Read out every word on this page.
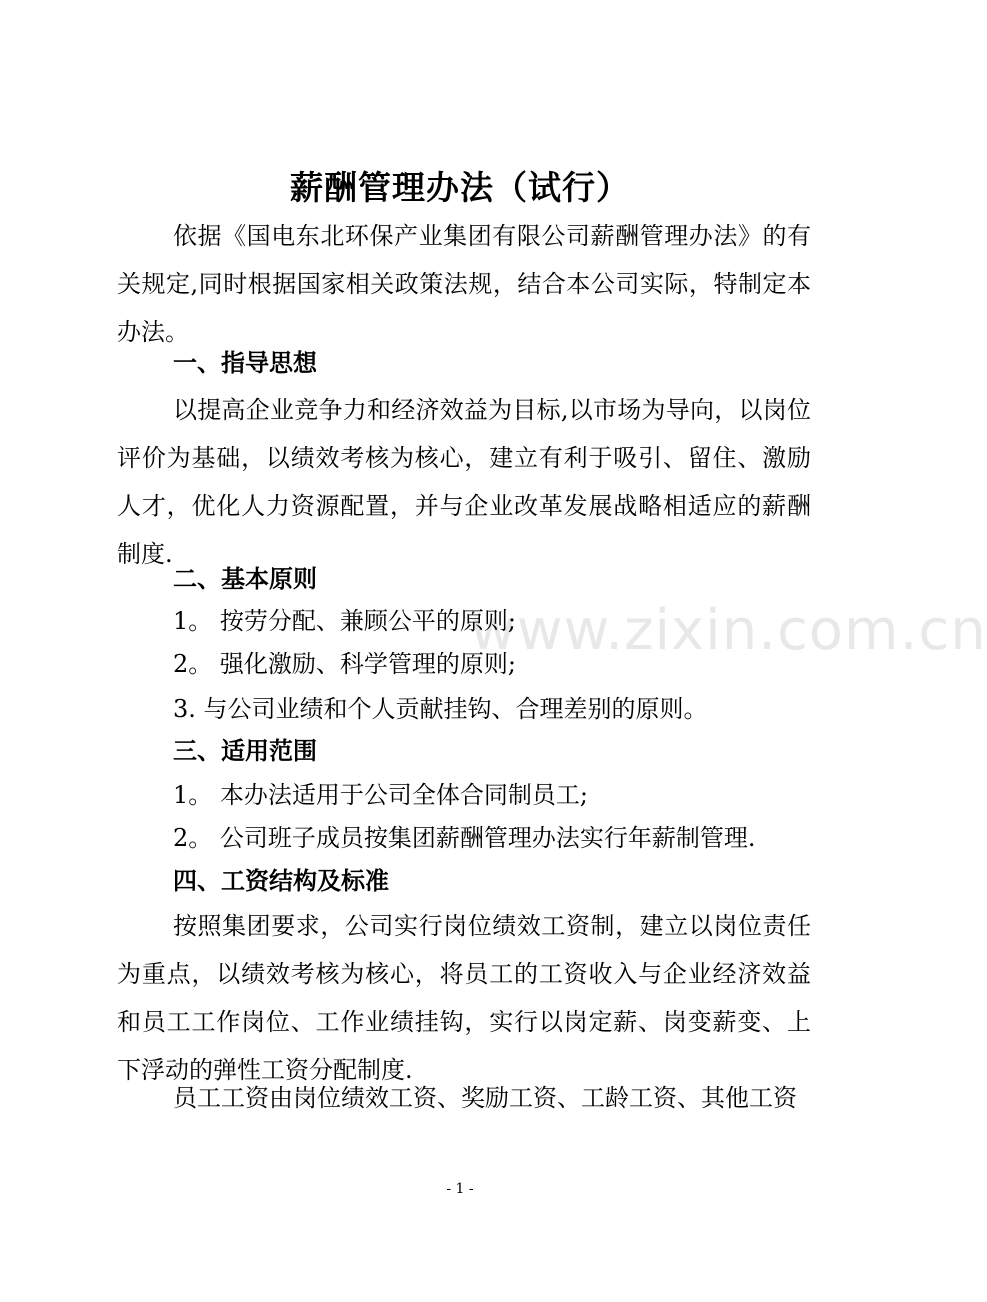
薪酬管理办法（试行）
依据《国电东北环保产业集团有限公司薪酬管理办法》的有关规定,同时根据国家相关政策法规，结合本公司实际，特制定本办法。
一、指导思想
以提高企业竞争力和经济效益为目标,以市场为导向，以岗位评价为基础，以绩效考核为核心，建立有利于吸引、留住、激励人才，优化人力资源配置，并与企业改革发展战略相适应的薪酬制度.
二、基本原则
1。 按劳分配、兼顾公平的原则;
2。 强化激励、科学管理的原则;
3. 与公司业绩和个人贡献挂钩、合理差别的原则。
三、适用范围
1。 本办法适用于公司全体合同制员工;
2。 公司班子成员按集团薪酬管理办法实行年薪制管理.
四、工资结构及标准
按照集团要求，公司实行岗位绩效工资制，建立以岗位责任为重点，以绩效考核为核心，将员工的工资收入与企业经济效益和员工工作岗位、工作业绩挂钩，实行以岗定薪、岗变薪变、上下浮动的弹性工资分配制度.
员工工资由岗位绩效工资、奖励工资、工龄工资、其他工资
www.zixin.com.cn
- 1 -
